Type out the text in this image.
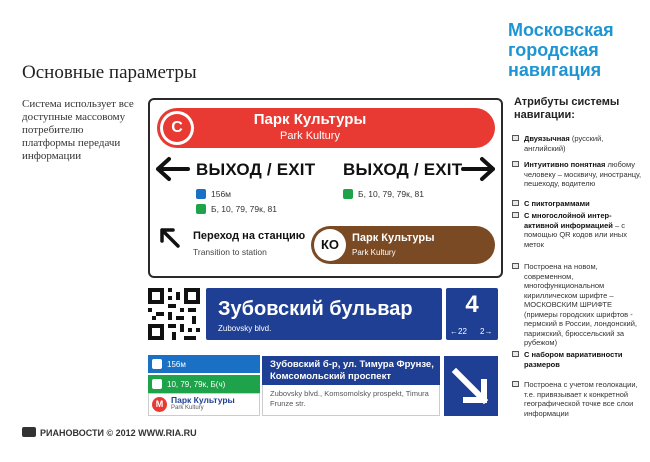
Московская городская навигация
Основные параметры
Система использует все доступные массовому потребителю платформы передачи информации
Атрибуты системы навигации:
Двуязычная (русский, английский)
Интуитивно понятная любому человеку – москвичу, иностранцу, пешеходу, водителю
С пиктограммами
С многослойной интер-активной информацией – с помощью QR кодов или иных меток
Построена на новом, современном, многофункциональном кириллическом шрифте – МОСКОВСКИМ ШРИФТЕ (примеры городских шрифтов - пермский в России, лондонский, парижский, брюссельский за рубежом)
С набором вариативности размеров
Построена с учетом геолокации, т.е. привязывает к конкретной географической точке все слои информации
С	Парк Культуры
Park Kultury
ВЫХОД / EXIT
156м
Б, 10, 79, 79к, 81
ВЫХОД / EXIT
Б, 10, 79, 79к, 81
Переход на станцию
Transition to station	КО	Парк Культуры
Park Kultury
Зубовский бульвар
Zubovsky blvd.
4
←22 2→
156м
10, 79, 79к, Б(ч)
М Парк Культуры
Park Kultury
Зубовский б-р, ул. Тимура Фрунзе, Комсомольский проспект
Zubovsky blvd., Komsomolsky prospekt, Timura Frunze str.
РИАНОВОСТИ © 2012 WWW.RIA.RU
